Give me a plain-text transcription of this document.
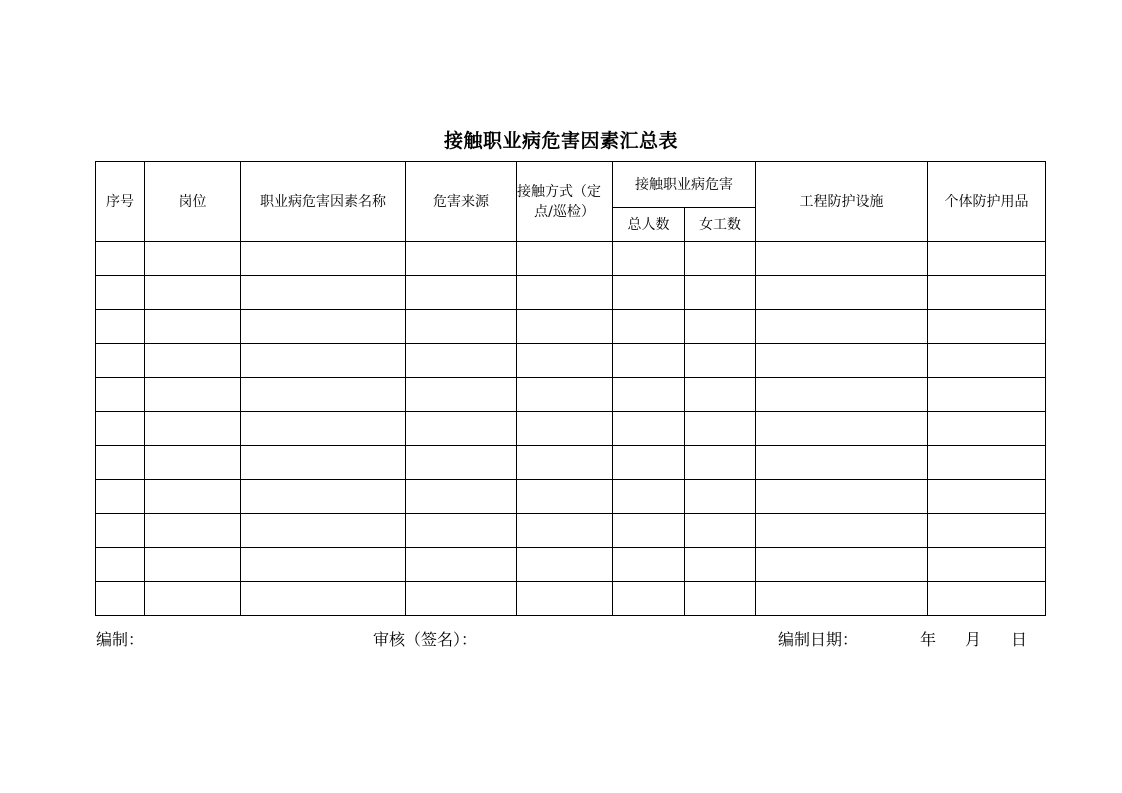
接触职业病危害因素汇总表
序号	岗位	职业病危害因素名称	危害来源	接触方式（定
点/巡检）	接触职业病危害		工程防护设施	个体防护用品
					总人数	女工数		

编制：	审核（签名）：	编制日期：	年 月 日
